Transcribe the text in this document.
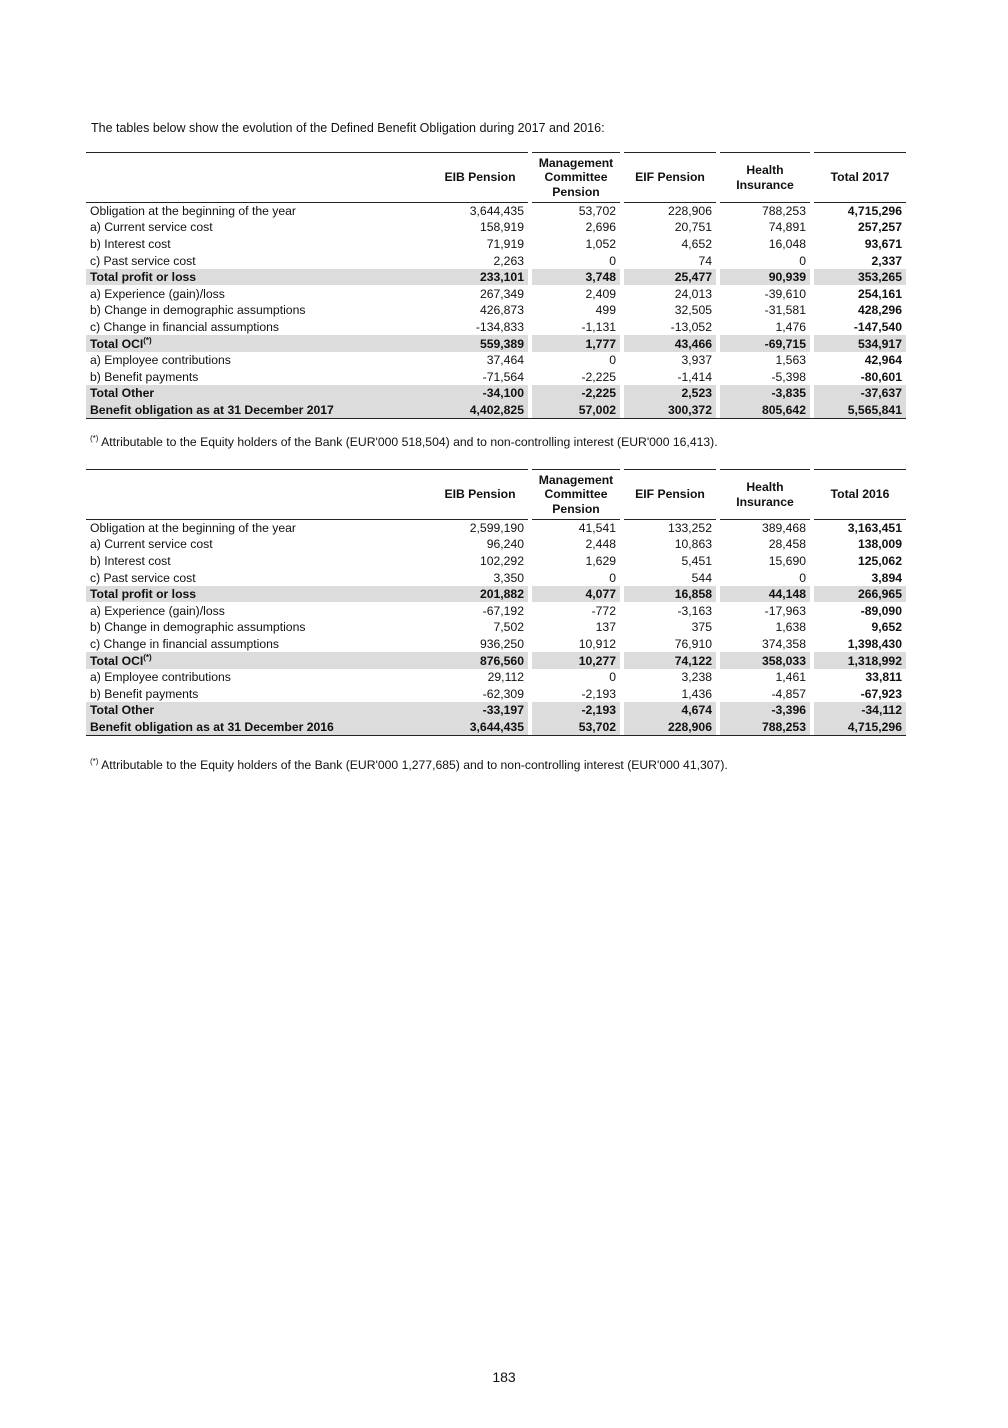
The tables below show the evolution of the Defined Benefit Obligation during 2017 and 2016:
	EIB Pension		Management Committee Pension		EIF Pension		Health Insurance		Total 2017
Obligation at the beginning of the year	3,644,435		53,702		228,906		788,253		4,715,296
a) Current service cost	158,919		2,696		20,751		74,891		257,257
b) Interest cost	71,919		1,052		4,652		16,048		93,671
c) Past service cost	2,263		0		74		0		2,337
Total profit or loss	233,101		3,748		25,477		90,939		353,265
a) Experience (gain)/loss	267,349		2,409		24,013		-39,610		254,161
b) Change in demographic assumptions	426,873		499		32,505		-31,581		428,296
c) Change in financial assumptions	-134,833		-1,131		-13,052		1,476		-147,540
Total OCI(*)	559,389		1,777		43,466		-69,715		534,917
a) Employee contributions	37,464		0		3,937		1,563		42,964
b) Benefit payments	-71,564		-2,225		-1,414		-5,398		-80,601
Total Other	-34,100		-2,225		2,523		-3,835		-37,637
Benefit obligation as at 31 December 2017	4,402,825		57,002		300,372		805,642		5,565,841
(*) Attributable to the Equity holders of the Bank (EUR'000 518,504) and to non-controlling interest (EUR'000 16,413).
	EIB Pension		Management Committee Pension		EIF Pension		Health Insurance		Total 2016
Obligation at the beginning of the year	2,599,190		41,541		133,252		389,468		3,163,451
a) Current service cost	96,240		2,448		10,863		28,458		138,009
b) Interest cost	102,292		1,629		5,451		15,690		125,062
c) Past service cost	3,350		0		544		0		3,894
Total profit or loss	201,882		4,077		16,858		44,148		266,965
a) Experience (gain)/loss	-67,192		-772		-3,163		-17,963		-89,090
b) Change in demographic assumptions	7,502		137		375		1,638		9,652
c) Change in financial assumptions	936,250		10,912		76,910		374,358		1,398,430
Total OCI(*)	876,560		10,277		74,122		358,033		1,318,992
a) Employee contributions	29,112		0		3,238		1,461		33,811
b) Benefit payments	-62,309		-2,193		1,436		-4,857		-67,923
Total Other	-33,197		-2,193		4,674		-3,396		-34,112
Benefit obligation as at 31 December 2016	3,644,435		53,702		228,906		788,253		4,715,296
(*) Attributable to the Equity holders of the Bank (EUR'000 1,277,685) and to non-controlling interest (EUR'000 41,307).
183
